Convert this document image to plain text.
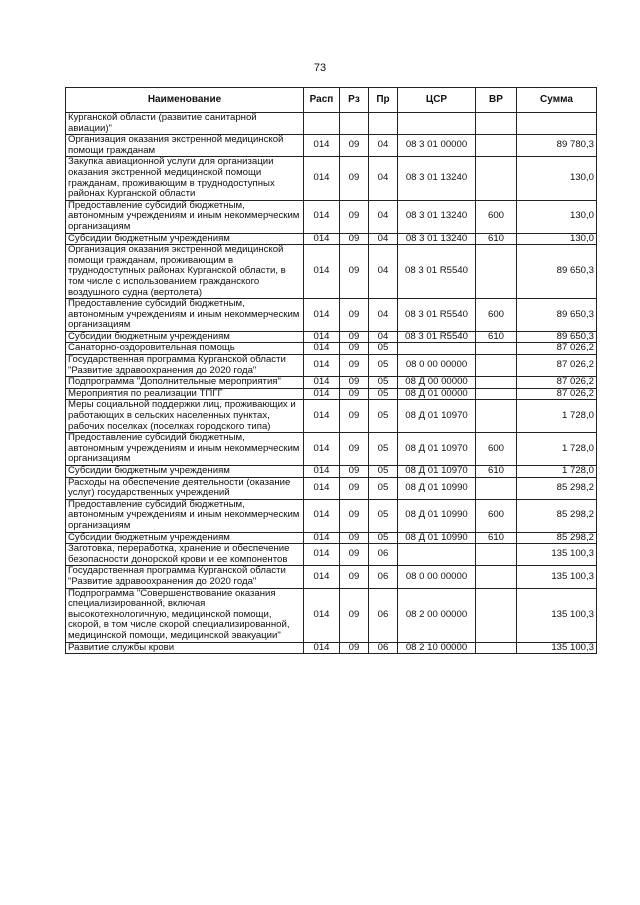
73
Наименование	Расп	Рз	Пр	ЦСР	ВР	Сумма
Курганской области (развитие санитарной авиации)"						
Организация оказания экстренной медицинской помощи гражданам	014	09	04	08 3 01 00000		89 780,3
Закупка авиационной услуги для организации оказания экстренной медицинской помощи гражданам, проживающим в труднодоступных районах Курганской области	014	09	04	08 3 01 13240		130,0
Предоставление субсидий бюджетным, автономным учреждениям и иным некоммерческим организациям	014	09	04	08 3 01 13240	600	130,0
Субсидии бюджетным учреждениям	014	09	04	08 3 01 13240	610	130,0
Организация оказания экстренной медицинской помощи гражданам, проживающим в труднодоступных районах Курганской области, в том числе с использованием гражданского воздушного судна (вертолета)	014	09	04	08 3 01 R5540		89 650,3
Предоставление субсидий бюджетным, автономным учреждениям и иным некоммерческим организациям	014	09	04	08 3 01 R5540	600	89 650,3
Субсидии бюджетным учреждениям	014	09	04	08 3 01 R5540	610	89 650,3
Санаторно-оздоровительная помощь	014	09	05			87 026,2
Государственная программа Курганской области "Развитие здравоохранения до 2020 года"	014	09	05	08 0 00 00000		87 026,2
Подпрограмма "Дополнительные мероприятия"	014	09	05	08 Д 00 00000		87 026,2
Мероприятия по реализации ТПГГ	014	09	05	08 Д 01 00000		87 026,2
Меры социальной поддержки лиц, проживающих и работающих в сельских населенных пунктах, рабочих поселках (поселках городского типа)	014	09	05	08 Д 01 10970		1 728,0
Предоставление субсидий бюджетным, автономным учреждениям и иным некоммерческим организациям	014	09	05	08 Д 01 10970	600	1 728,0
Субсидии бюджетным учреждениям	014	09	05	08 Д 01 10970	610	1 728,0
Расходы на обеспечение деятельности (оказание услуг) государственных учреждений	014	09	05	08 Д 01 10990		85 298,2
Предоставление субсидий бюджетным, автономным учреждениям и иным некоммерческим организациям	014	09	05	08 Д 01 10990	600	85 298,2
Субсидии бюджетным учреждениям	014	09	05	08 Д 01 10990	610	85 298,2
Заготовка, переработка, хранение и обеспечение безопасности донорской крови и ее компонентов	014	09	06			135 100,3
Государственная программа Курганской области "Развитие здравоохранения до 2020 года"	014	09	06	08 0 00 00000		135 100,3
Подпрограмма "Совершенствование оказания специализированной, включая высокотехнологичную, медицинской помощи, скорой, в том числе скорой специализированной, медицинской помощи, медицинской эвакуации"	014	09	06	08 2 00 00000		135 100,3
Развитие службы крови	014	09	06	08 2 10 00000		135 100,3
